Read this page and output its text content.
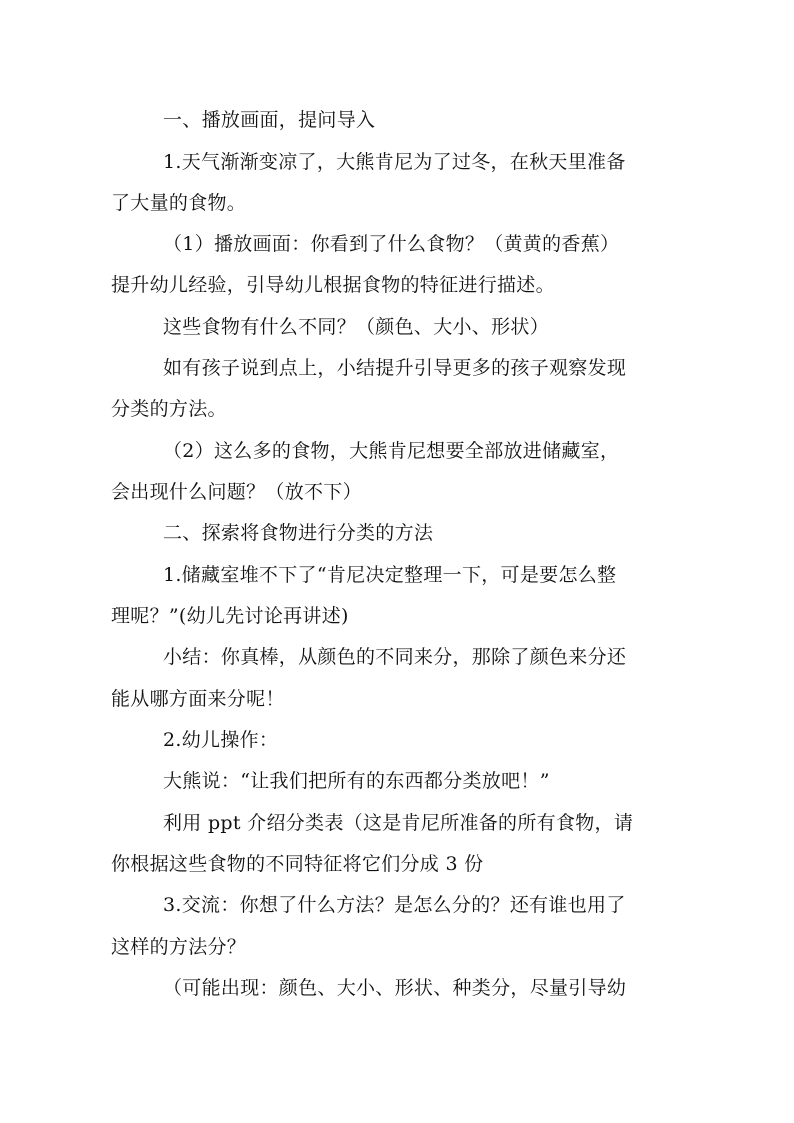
一、播放画面，提问导入
1.天气渐渐变凉了，大熊肯尼为了过冬，在秋天里准备
了大量的食物。
（1）播放画面：你看到了什么食物？（黄黄的香蕉）
提升幼儿经验，引导幼儿根据食物的特征进行描述。
这些食物有什么不同？（颜色、大小、形状）
如有孩子说到点上，小结提升引导更多的孩子观察发现
分类的方法。
（2）这么多的食物，大熊肯尼想要全部放进储藏室，
会出现什么问题？（放不下）
二、探索将食物进行分类的方法
1.储藏室堆不下了“肯尼决定整理一下，可是要怎么整
理呢？”(幼儿先讨论再讲述)
小结：你真棒，从颜色的不同来分，那除了颜色来分还
能从哪方面来分呢！
2.幼儿操作：
大熊说：“让我们把所有的东西都分类放吧！”
利用 ppt 介绍分类表（这是肯尼所准备的所有食物，请
你根据这些食物的不同特征将它们分成 3 份
3.交流：你想了什么方法？是怎么分的？还有谁也用了
这样的方法分？
（可能出现：颜色、大小、形状、种类分，尽量引导幼
